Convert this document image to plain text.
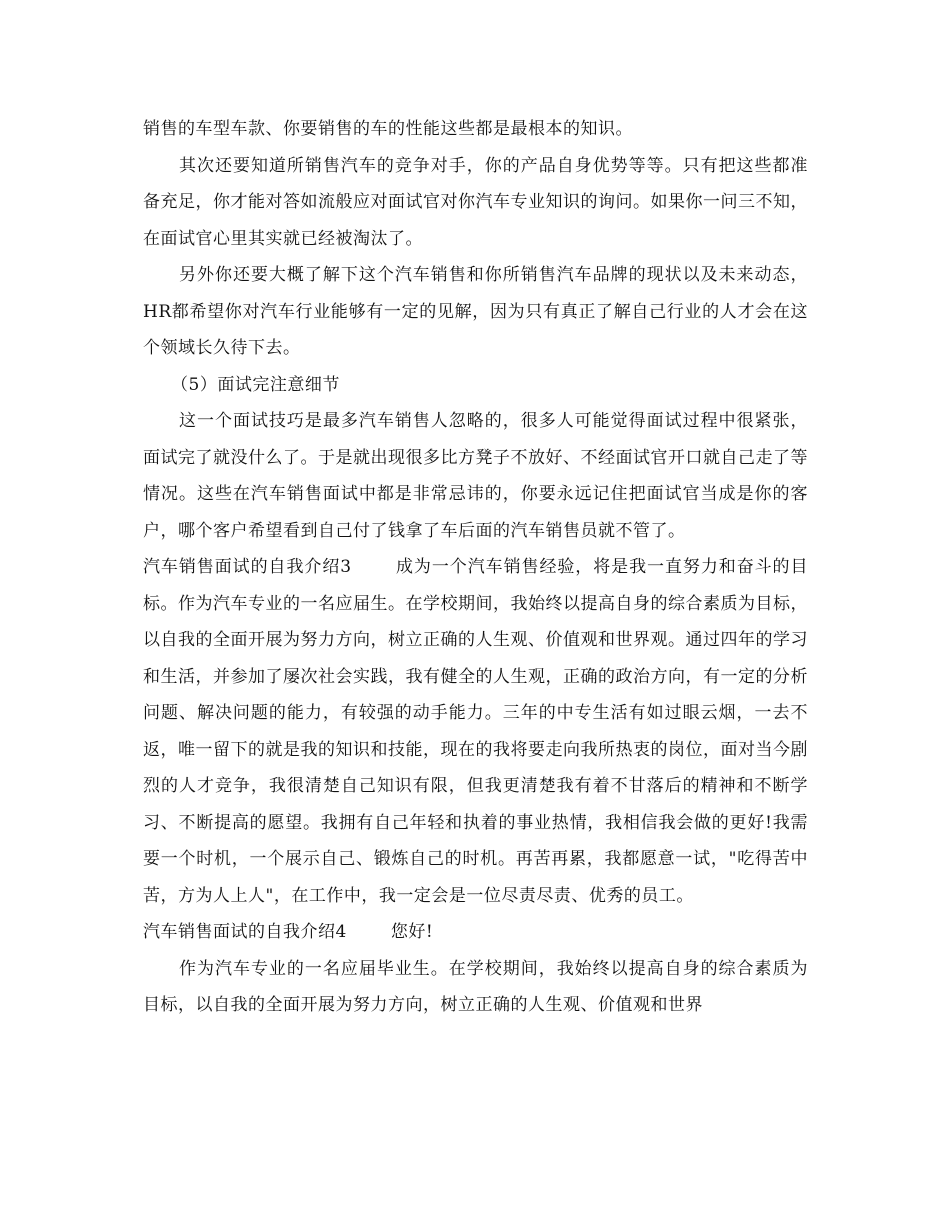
销售的车型车款、你要销售的车的性能这些都是最根本的知识。

其次还要知道所销售汽车的竞争对手，你的产品自身优势等等。只有把这些都准备充足，你才能对答如流般应对面试官对你汽车专业知识的询问。如果你一问三不知，在面试官心里其实就已经被淘汰了。

另外你还要大概了解下这个汽车销售和你所销售汽车品牌的现状以及未来动态，HR都希望你对汽车行业能够有一定的见解，因为只有真正了解自己行业的人才会在这个领域长久待下去。

（5）面试完注意细节

这一个面试技巧是最多汽车销售人忽略的，很多人可能觉得面试过程中很紧张，面试完了就没什么了。于是就出现很多比方凳子不放好、不经面试官开口就自己走了等情况。这些在汽车销售面试中都是非常忌讳的，你要永远记住把面试官当成是你的客户，哪个客户希望看到自己付了钱拿了车后面的汽车销售员就不管了。

汽车销售面试的自我介绍3	成为一个汽车销售经验，将是我一直努力和奋斗的目标。作为汽车专业的一名应届生。在学校期间，我始终以提高自身的综合素质为目标，以自我的全面开展为努力方向，树立正确的人生观、价值观和世界观。通过四年的学习和生活，并参加了屡次社会实践，我有健全的人生观，正确的政治方向，有一定的分析问题、解决问题的能力，有较强的动手能力。三年的中专生活有如过眼云烟，一去不返，唯一留下的就是我的知识和技能，现在的我将要走向我所热衷的岗位，面对当今剧烈的人才竞争，我很清楚自己知识有限，但我更清楚我有着不甘落后的精神和不断学习、不断提高的愿望。我拥有自己年轻和执着的事业热情，我相信我会做的更好!我需要一个时机，一个展示自己、锻炼自己的时机。再苦再累，我都愿意一试，"吃得苦中苦，方为人上人"，在工作中，我一定会是一位尽责尽责、优秀的员工。

汽车销售面试的自我介绍4	您好!

作为汽车专业的一名应届毕业生。在学校期间，我始终以提高自身的综合素质为目标，以自我的全面开展为努力方向，树立正确的人生观、价值观和世界
